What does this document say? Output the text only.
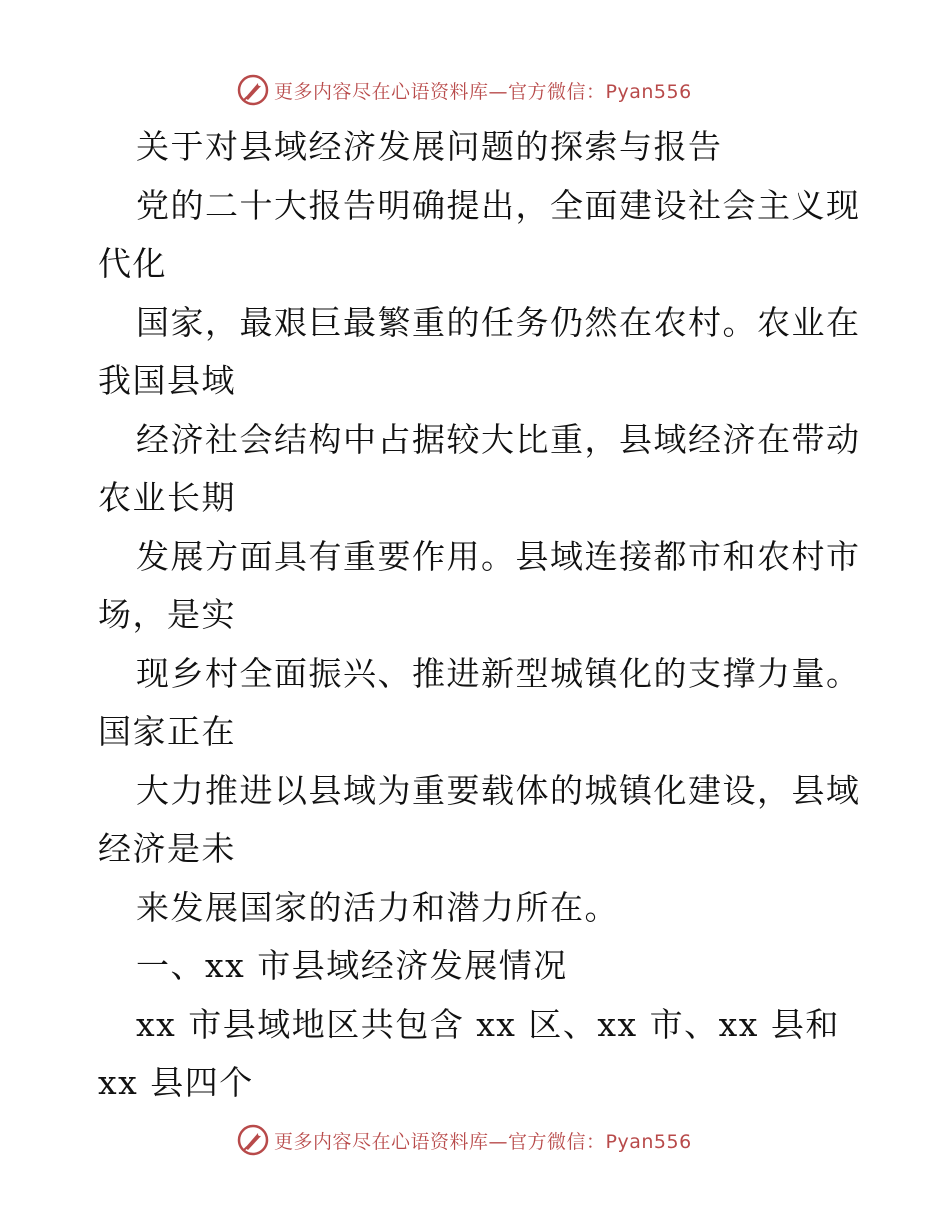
更多内容尽在心语资料库—官方微信：Pyan556
关于对县域经济发展问题的探索与报告
党的二十大报告明确提出，全面建设社会主义现
代化
国家，最艰巨最繁重的任务仍然在农村。农业在
我国县域
经济社会结构中占据较大比重，县域经济在带动
农业长期
发展方面具有重要作用。县域连接都市和农村市
场，是实
现乡村全面振兴、推进新型城镇化的支撑力量。
国家正在
大力推进以县域为重要载体的城镇化建设，县域
经济是未
来发展国家的活力和潜力所在。
一、xx 市县域经济发展情况
xx 市县域地区共包含 xx 区、xx 市、xx 县和
xx 县四个
更多内容尽在心语资料库—官方微信：Pyan556
